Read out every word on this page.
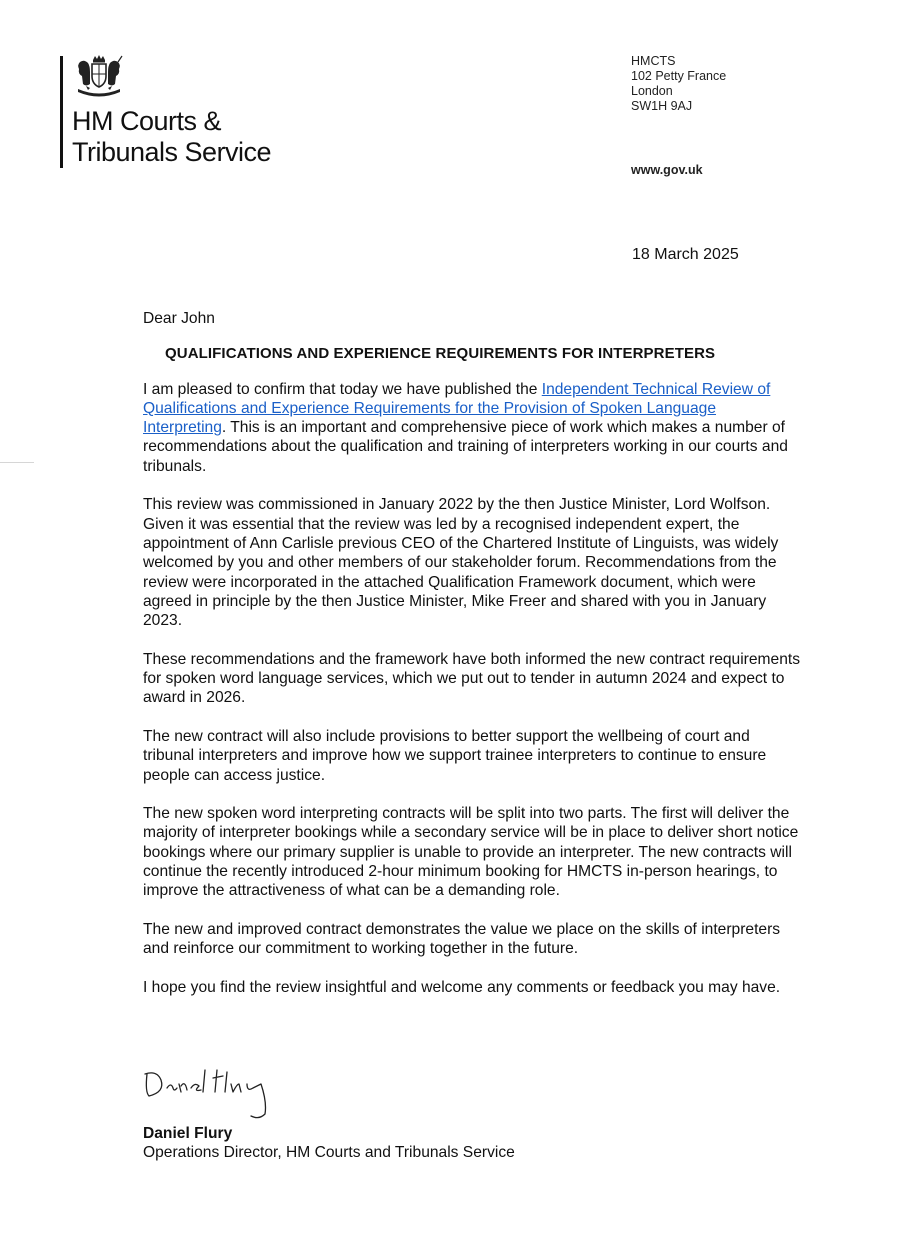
HM Courts &
Tribunals Service
HMCTS
102 Petty France
London
SW1H 9AJ
www.gov.uk
18 March 2025
Dear John
QUALIFICATIONS AND EXPERIENCE REQUIREMENTS FOR INTERPRETERS

I am pleased to confirm that today we have published the Independent Technical Review of Qualifications and Experience Requirements for the Provision of Spoken Language Interpreting. This is an important and comprehensive piece of work which makes a number of recommendations about the qualification and training of interpreters working in our courts and tribunals.

This review was commissioned in January 2022 by the then Justice Minister, Lord Wolfson. Given it was essential that the review was led by a recognised independent expert, the appointment of Ann Carlisle previous CEO of the Chartered Institute of Linguists, was widely welcomed by you and other members of our stakeholder forum. Recommendations from the review were incorporated in the attached Qualification Framework document, which were agreed in principle by the then Justice Minister, Mike Freer and shared with you in January 2023.

These recommendations and the framework have both informed the new contract requirements for spoken word language services, which we put out to tender in autumn 2024 and expect to award in 2026.

The new contract will also include provisions to better support the wellbeing of court and tribunal interpreters and improve how we support trainee interpreters to continue to ensure people can access justice.

The new spoken word interpreting contracts will be split into two parts. The first will deliver the majority of interpreter bookings while a secondary service will be in place to deliver short notice bookings where our primary supplier is unable to provide an interpreter. The new contracts will continue the recently introduced 2-hour minimum booking for HMCTS in-person hearings, to improve the attractiveness of what can be a demanding role.

The new and improved contract demonstrates the value we place on the skills of interpreters and reinforce our commitment to working together in the future.

I hope you find the review insightful and welcome any comments or feedback you may have.

Daniel Flury
Operations Director, HM Courts and Tribunals Service
